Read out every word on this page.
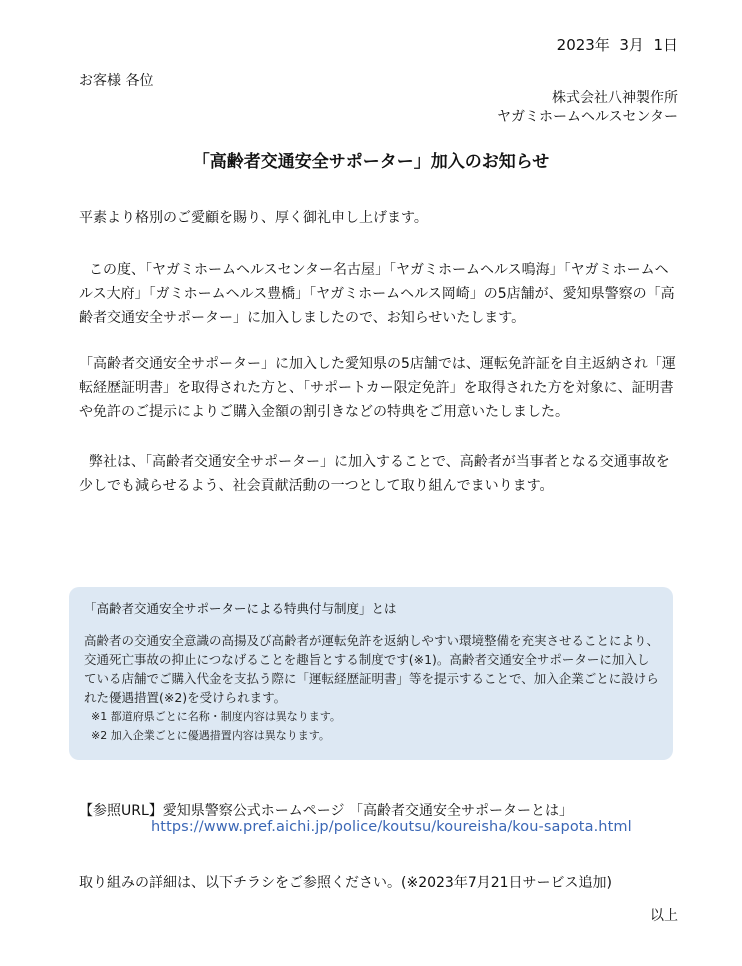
2023年  3月  1日
お客様 各位
株式会社八神製作所
ヤガミホームヘルスセンター
「高齢者交通安全サポーター」加入のお知らせ
平素より格別のご愛顧を賜り、厚く御礼申し上げます。
この度、「ヤガミホームヘルスセンター名古屋」「ヤガミホームヘルス鳴海」「ヤガミホームヘルス大府」「ガミホームヘルス豊橋」「ヤガミホームヘルス岡崎」の5店舗が、愛知県警察の「高齢者交通安全サポーター」に加入しましたので、お知らせいたします。
「高齢者交通安全サポーター」に加入した愛知県の5店舗では、運転免許証を自主返納され「運転経歴証明書」を取得された方と、「サポートカー限定免許」を取得された方を対象に、証明書や免許のご提示によりご購入金額の割引きなどの特典をご用意いたしました。
弊社は、「高齢者交通安全サポーター」に加入することで、高齢者が当事者となる交通事故を少しでも減らせるよう、社会貢献活動の一つとして取り組んでまいります。
「高齢者交通安全サポーターによる特典付与制度」とは
高齢者の交通安全意識の高揚及び高齢者が運転免許を返納しやすい環境整備を充実させることにより、　交通死亡事故の抑止につなげることを趣旨とする制度です(※1)。高齢者交通安全サポーターに加入している店舗でご購入代金を支払う際に「運転経歴証明書」等を提示することで、加入企業ごとに設けられた優遇措置(※2)を受けられます。
※1 都道府県ごとに名称・制度内容は異なります。
※2 加入企業ごとに優遇措置内容は異なります。
【参照URL】愛知県警察公式ホームページ 「高齢者交通安全サポーターとは」
https://www.pref.aichi.jp/police/koutsu/koureisha/kou-sapota.html
取り組みの詳細は、以下チラシをご参照ください。(※2023年7月21日サービス追加)
以上
